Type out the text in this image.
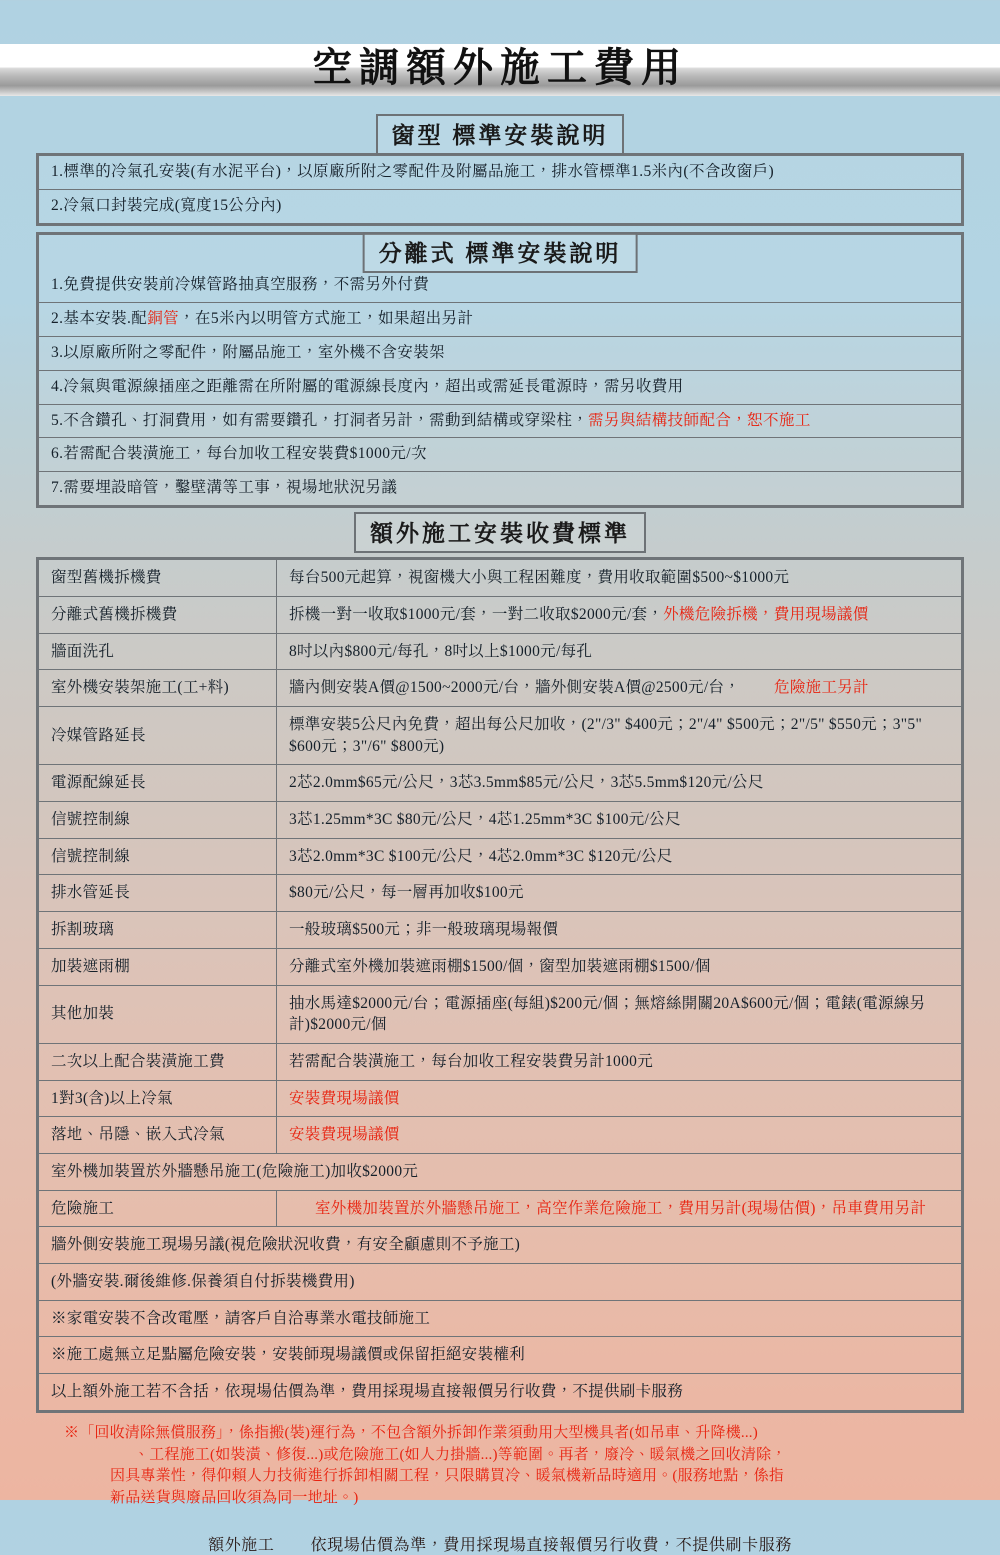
空調額外施工費用
窗型 標準安裝說明
1.標準的冷氣孔安裝(有水泥平台)，以原廠所附之零配件及附屬品施工，排水管標準1.5米內(不含改窗戶)
2.冷氣口封裝完成(寬度15公分內)
分離式 標準安裝說明
1.免費提供安裝前冷媒管路抽真空服務，不需另外付費
2.基本安裝.配銅管，在5米內以明管方式施工，如果超出另計
3.以原廠所附之零配件，附屬品施工，室外機不含安裝架
4.冷氣與電源線插座之距離需在所附屬的電源線長度內，超出或需延長電源時，需另收費用
5.不含鑽孔、打洞費用，如有需要鑽孔，打洞者另計，需動到結構或穿梁柱，需另與結構技師配合，恕不施工
6.若需配合裝潢施工，每台加收工程安裝費$1000元/次
7.需要埋設暗管，鑿壁溝等工事，視場地狀況另議
額外施工安裝收費標準
窗型舊機拆機費	每台500元起算，視窗機大小與工程困難度，費用收取範圍$500~$1000元
分離式舊機拆機費	拆機一對一收取$1000元/套，一對二收取$2000元/套，外機危險拆機，費用現場議價
牆面洗孔	8吋以內$800元/每孔，8吋以上$1000元/每孔
室外機安裝架施工(工+料)	牆內側安裝A價@1500~2000元/台，牆外側安裝A價@2500元/台， 危險施工另計
冷媒管路延長	標準安裝5公尺內免費，超出每公尺加收，(2"/3" $400元；2"/4" $500元；2"/5" $550元；3"5" $600元；3"/6" $800元)
電源配線延長	2芯2.0mm$65元/公尺，3芯3.5mm$85元/公尺，3芯5.5mm$120元/公尺
信號控制線	3芯1.25mm*3C $80元/公尺，4芯1.25mm*3C $100元/公尺
信號控制線	3芯2.0mm*3C $100元/公尺，4芯2.0mm*3C $120元/公尺
排水管延長	$80元/公尺，每一層再加收$100元
拆割玻璃	一般玻璃$500元；非一般玻璃現場報價
加裝遮雨棚	分離式室外機加裝遮雨棚$1500/個，窗型加裝遮雨棚$1500/個
其他加裝	抽水馬達$2000元/台；電源插座(每組)$200元/個；無熔絲開關20A$600元/個；電錶(電源線另計)$2000元/個
二次以上配合裝潢施工費	若需配合裝潢施工，每台加收工程安裝費另計1000元
1對3(含)以上冷氣	安裝費現場議價
落地、吊隱、嵌入式冷氣	安裝費現場議價
室外機加裝置於外牆懸吊施工(危險施工)加收$2000元	
危險施工	室外機加裝置於外牆懸吊施工，高空作業危險施工，費用另計(現場估價)，吊車費用另計
牆外側安裝施工現場另議(視危險狀況收費，有安全顧慮則不予施工)	
(外牆安裝.爾後維修.保養須自付拆裝機費用)	
※家電安裝不含改電壓，請客戶自洽專業水電技師施工	
※施工處無立足點屬危險安裝，安裝師現場議價或保留拒絕安裝權利	
以上額外施工若不含括，依現場估價為準，費用採現場直接報價另行收費，不提供刷卡服務	
※「回收清除無償服務」，係指搬(裝)運行為，不包含額外拆卸作業須動用大型機具者(如吊車、升降機...)
、工程施工(如裝潢、修復...)或危險施工(如人力掛牆...)等範圍。再者，廢冷、暖氣機之回收清除，
因具專業性，得仰賴人力技術進行拆卸相關工程，只限購買冷、暖氣機新品時適用。(服務地點，係指
新品送貨與廢品回收須為同一地址。)
額外施工 依現場估價為準，費用採現場直接報價另行收費，不提供刷卡服務
